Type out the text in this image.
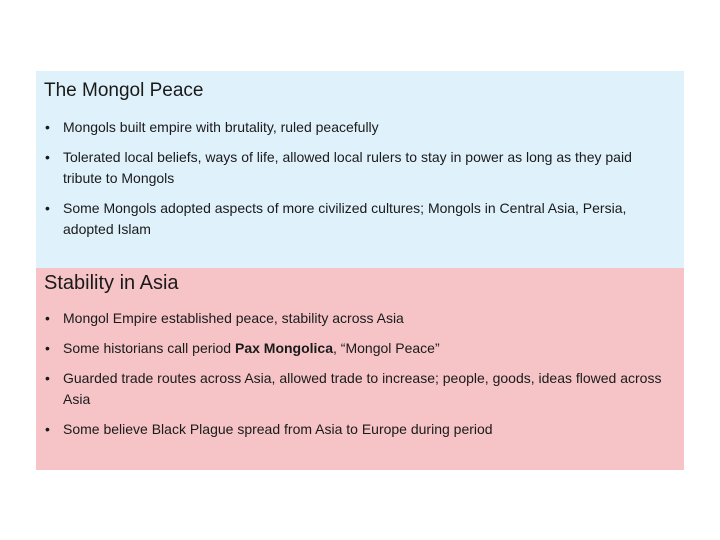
The Mongol Peace
• Mongols built empire with brutality, ruled peacefully
• Tolerated local beliefs, ways of life, allowed local rulers to stay in power as long as they paid tribute to Mongols
• Some Mongols adopted aspects of more civilized cultures; Mongols in Central Asia, Persia, adopted Islam
Stability in Asia
• Mongol Empire established peace, stability across Asia
• Some historians call period Pax Mongolica, “Mongol Peace”
• Guarded trade routes across Asia, allowed trade to increase; people, goods, ideas flowed across Asia
• Some believe Black Plague spread from Asia to Europe during period
